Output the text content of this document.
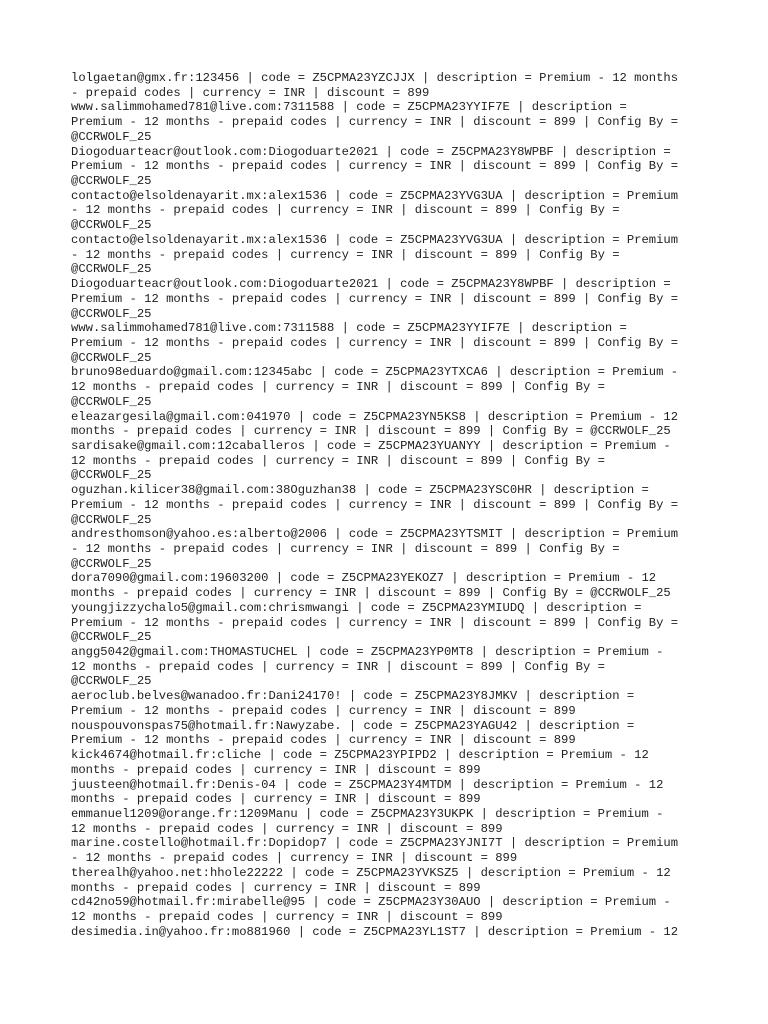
lolgaetan@gmx.fr:123456 | code = Z5CPMA23YZCJJX | description = Premium - 12 months
- prepaid codes | currency = INR | discount = 899
www.salimmohamed781@live.com:7311588 | code = Z5CPMA23YYIF7E | description =
Premium - 12 months - prepaid codes | currency = INR | discount = 899 | Config By =
@CCRWOLF_25
Diogoduarteacr@outlook.com:Diogoduarte2021 | code = Z5CPMA23Y8WPBF | description =
Premium - 12 months - prepaid codes | currency = INR | discount = 899 | Config By =
@CCRWOLF_25
contacto@elsoldenayarit.mx:alex1536 | code = Z5CPMA23YVG3UA | description = Premium
- 12 months - prepaid codes | currency = INR | discount = 899 | Config By =
@CCRWOLF_25
contacto@elsoldenayarit.mx:alex1536 | code = Z5CPMA23YVG3UA | description = Premium
- 12 months - prepaid codes | currency = INR | discount = 899 | Config By =
@CCRWOLF_25
Diogoduarteacr@outlook.com:Diogoduarte2021 | code = Z5CPMA23Y8WPBF | description =
Premium - 12 months - prepaid codes | currency = INR | discount = 899 | Config By =
@CCRWOLF_25
www.salimmohamed781@live.com:7311588 | code = Z5CPMA23YYIF7E | description =
Premium - 12 months - prepaid codes | currency = INR | discount = 899 | Config By =
@CCRWOLF_25
bruno98eduardo@gmail.com:12345abc | code = Z5CPMA23YTXCA6 | description = Premium -
12 months - prepaid codes | currency = INR | discount = 899 | Config By =
@CCRWOLF_25
eleazargesila@gmail.com:041970 | code = Z5CPMA23YN5KS8 | description = Premium - 12
months - prepaid codes | currency = INR | discount = 899 | Config By = @CCRWOLF_25
sardisake@gmail.com:12caballeros | code = Z5CPMA23YUANYY | description = Premium -
12 months - prepaid codes | currency = INR | discount = 899 | Config By =
@CCRWOLF_25
oguzhan.kilicer38@gmail.com:38Oguzhan38 | code = Z5CPMA23YSC0HR | description =
Premium - 12 months - prepaid codes | currency = INR | discount = 899 | Config By =
@CCRWOLF_25
andresthomson@yahoo.es:alberto@2006 | code = Z5CPMA23YTSMIT | description = Premium
- 12 months - prepaid codes | currency = INR | discount = 899 | Config By =
@CCRWOLF_25
dora7090@gmail.com:19603200 | code = Z5CPMA23YEKOZ7 | description = Premium - 12
months - prepaid codes | currency = INR | discount = 899 | Config By = @CCRWOLF_25
youngjizzychalo5@gmail.com:chrismwangi | code = Z5CPMA23YMIUDQ | description =
Premium - 12 months - prepaid codes | currency = INR | discount = 899 | Config By =
@CCRWOLF_25
angg5042@gmail.com:THOMASTUCHEL | code = Z5CPMA23YP0MT8 | description = Premium -
12 months - prepaid codes | currency = INR | discount = 899 | Config By =
@CCRWOLF_25
aeroclub.belves@wanadoo.fr:Dani24170! | code = Z5CPMA23Y8JMKV | description =
Premium - 12 months - prepaid codes | currency = INR | discount = 899
nouspouvonspas75@hotmail.fr:Nawyzabe. | code = Z5CPMA23YAGU42 | description =
Premium - 12 months - prepaid codes | currency = INR | discount = 899
kick4674@hotmail.fr:cliche | code = Z5CPMA23YPIPD2 | description = Premium - 12
months - prepaid codes | currency = INR | discount = 899
juusteen@hotmail.fr:Denis-04 | code = Z5CPMA23Y4MTDM | description = Premium - 12
months - prepaid codes | currency = INR | discount = 899
emmanuel1209@orange.fr:1209Manu | code = Z5CPMA23Y3UKPK | description = Premium -
12 months - prepaid codes | currency = INR | discount = 899
marine.costello@hotmail.fr:Dopidop7 | code = Z5CPMA23YJNI7T | description = Premium
- 12 months - prepaid codes | currency = INR | discount = 899
therealh@yahoo.net:hhole22222 | code = Z5CPMA23YVKSZ5 | description = Premium - 12
months - prepaid codes | currency = INR | discount = 899
cd42no59@hotmail.fr:mirabelle@95 | code = Z5CPMA23Y30AUO | description = Premium -
12 months - prepaid codes | currency = INR | discount = 899
desimedia.in@yahoo.fr:mo881960 | code = Z5CPMA23YL1ST7 | description = Premium - 12
